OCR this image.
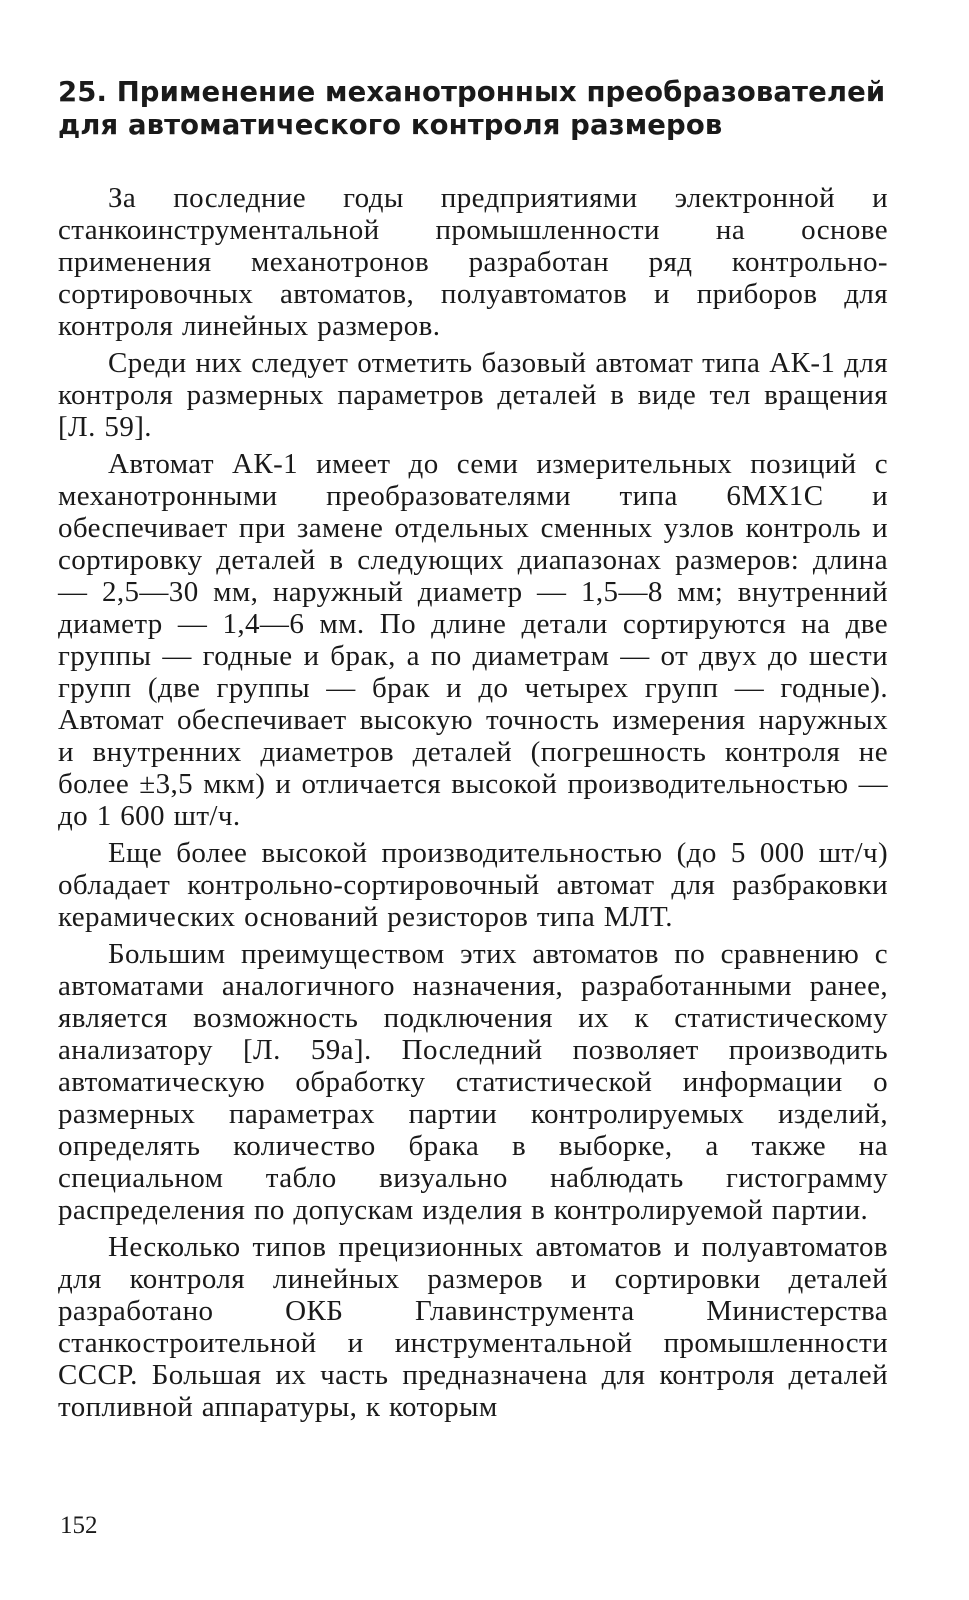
25. Применение механотронных преобразователей
для автоматического контроля размеров

За последние годы предприятиями электронной и станкоинструментальной промышленности на основе применения механотронов разработан ряд контрольно-сортировочных автоматов, полуавтоматов и приборов для контроля линейных размеров.

Среди них следует отметить базовый автомат типа АК-1 для контроля размерных параметров деталей в виде тел вращения [Л. 59].

Автомат АК-1 имеет до семи измерительных позиций с механотронными преобразователями типа 6МХ1С и обеспечивает при замене отдельных сменных узлов контроль и сортировку деталей в следующих диапазонах размеров: длина — 2,5—30 мм, наружный диаметр — 1,5—8 мм; внутренний диаметр — 1,4—6 мм. По длине детали сортируются на две группы — годные и брак, а по диаметрам — от двух до шести групп (две группы — брак и до четырех групп — годные). Автомат обеспечивает высокую точность измерения наружных и внутренних диаметров деталей (погрешность контроля не более ±3,5 мкм) и отличается высокой производительностью — до 1 600 шт/ч.

Еще более высокой производительностью (до 5 000 шт/ч) обладает контрольно-сортировочный автомат для разбраковки керамических оснований резисторов типа МЛТ.

Большим преимуществом этих автоматов по сравнению с автоматами аналогичного назначения, разработанными ранее, является возможность подключения их к статистическому анализатору [Л. 59а]. Последний позволяет производить автоматическую обработку статистической информации о размерных параметрах партии контролируемых изделий, определять количество брака в выборке, а также на специальном табло визуально наблюдать гистограмму распределения по допускам изделия в контролируемой партии.

Несколько типов прецизионных автоматов и полуавтоматов для контроля линейных размеров и сортировки деталей разработано ОКБ Главинструмента Министерства станкостроительной и инструментальной промышленности СССР. Большая их часть предназначена для контроля деталей топливной аппаратуры, к которым

152
